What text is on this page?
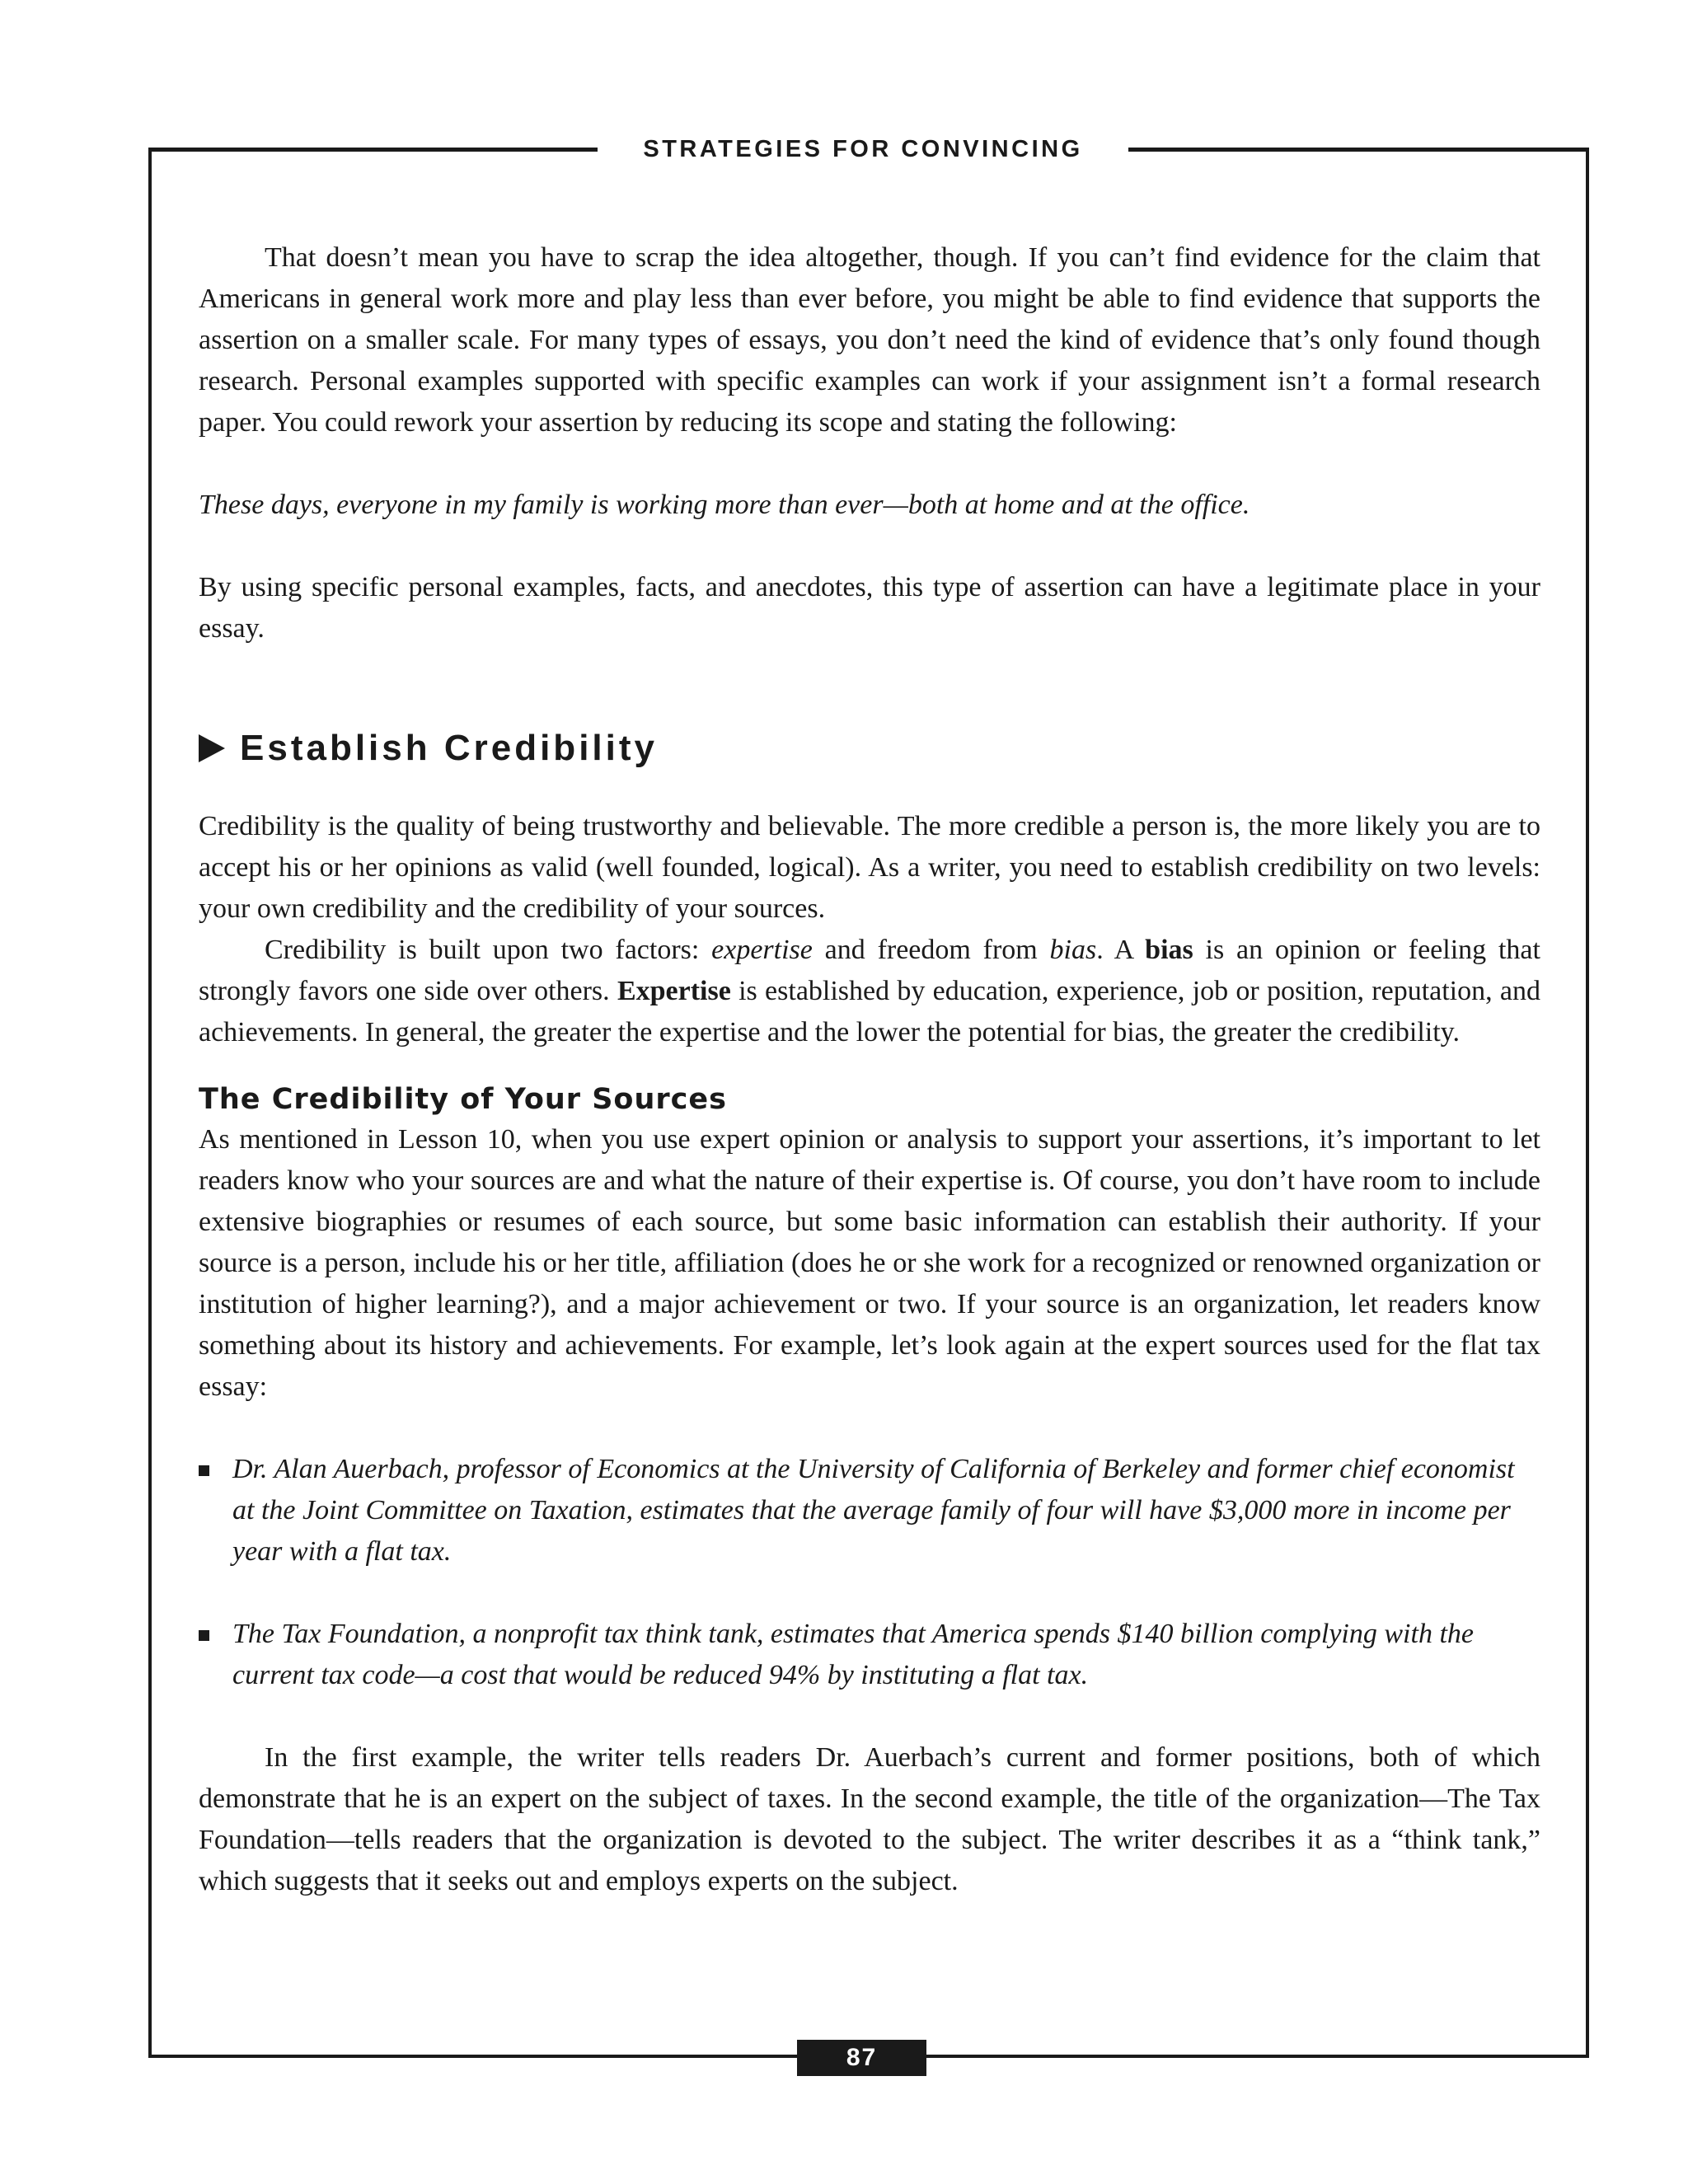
STRATEGIES FOR CONVINCING

That doesn’t mean you have to scrap the idea altogether, though. If you can’t find evidence for the claim that Americans in general work more and play less than ever before, you might be able to find evidence that supports the assertion on a smaller scale. For many types of essays, you don’t need the kind of evidence that’s only found though research. Personal examples supported with specific examples can work if your assignment isn’t a formal research paper. You could rework your assertion by reducing its scope and stating the following:

These days, everyone in my family is working more than ever—both at home and at the office.

By using specific personal examples, facts, and anecdotes, this type of assertion can have a legitimate place in your essay.

Establish Credibility

Credibility is the quality of being trustworthy and believable. The more credible a person is, the more likely you are to accept his or her opinions as valid (well founded, logical). As a writer, you need to establish credibility on two levels: your own credibility and the credibility of your sources.

Credibility is built upon two factors: expertise and freedom from bias. A bias is an opinion or feeling that strongly favors one side over others. Expertise is established by education, experience, job or position, reputation, and achievements. In general, the greater the expertise and the lower the potential for bias, the greater the credibility.

The Credibility of Your Sources

As mentioned in Lesson 10, when you use expert opinion or analysis to support your assertions, it’s important to let readers know who your sources are and what the nature of their expertise is. Of course, you don’t have room to include extensive biographies or resumes of each source, but some basic information can establish their authority. If your source is a person, include his or her title, affiliation (does he or she work for a recognized or renowned organization or institution of higher learning?), and a major achievement or two. If your source is an organization, let readers know something about its history and achievements. For example, let’s look again at the expert sources used for the flat tax essay:

Dr. Alan Auerbach, professor of Economics at the University of California of Berkeley and former chief economist at the Joint Committee on Taxation, estimates that the average family of four will have $3,000 more in income per year with a flat tax.
The Tax Foundation, a nonprofit tax think tank, estimates that America spends $140 billion complying with the current tax code—a cost that would be reduced 94% by instituting a flat tax.

In the first example, the writer tells readers Dr. Auerbach’s current and former positions, both of which demonstrate that he is an expert on the subject of taxes. In the second example, the title of the organization—The Tax Foundation—tells readers that the organization is devoted to the subject. The writer describes it as a “think tank,” which suggests that it seeks out and employs experts on the subject.

87
